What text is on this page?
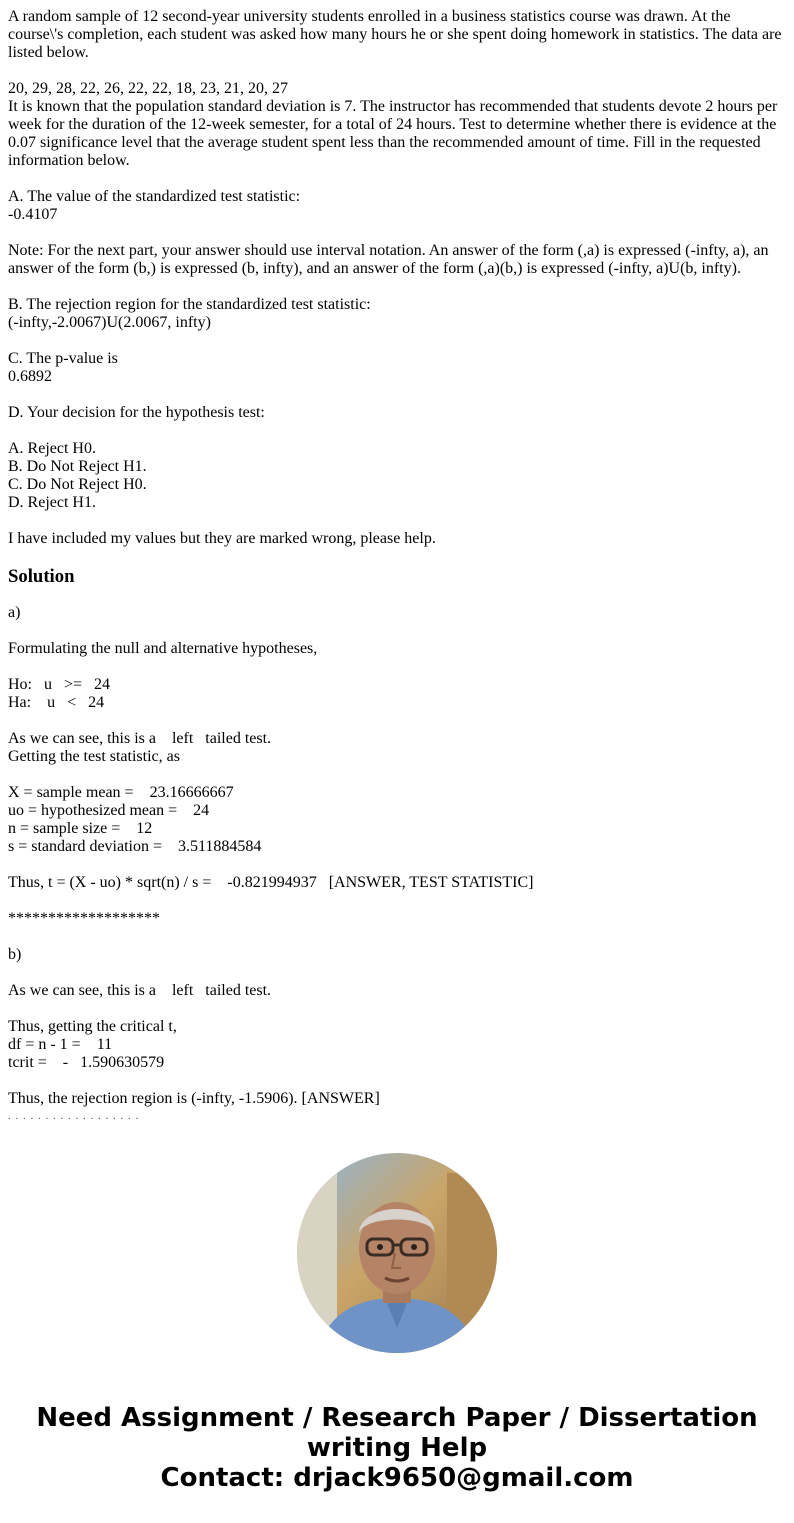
A random sample of 12 second-year university students enrolled in a business statistics course was drawn. At the course\'s completion, each student was asked how many hours he or she spent doing homework in statistics. The data are listed below.
20, 29, 28, 22, 26, 22, 22, 18, 23, 21, 20, 27
It is known that the population standard deviation is 7. The instructor has recommended that students devote 2 hours per week for the duration of the 12-week semester, for a total of 24 hours. Test to determine whether there is evidence at the 0.07 significance level that the average student spent less than the recommended amount of time. Fill in the requested information below.
A. The value of the standardized test statistic:
-0.4107
Note: For the next part, your answer should use interval notation. An answer of the form (,a) is expressed (-infty, a), an answer of the form (b,) is expressed (b, infty), and an answer of the form (,a)(b,) is expressed (-infty, a)U(b, infty).
B. The rejection region for the standardized test statistic:
(-infty,-2.0067)U(2.0067, infty)
C. The p-value is
0.6892
D. Your decision for the hypothesis test:
A. Reject H0.
B. Do Not Reject H1.
C. Do Not Reject H0.
D. Reject H1.
I have included my values but they are marked wrong, please help.
Solution
a)
Formulating the null and alternative hypotheses,
Ho:   u   >=   24
Ha:    u   <   24
As we can see, this is a    left   tailed test.
Getting the test statistic, as
X = sample mean =    23.16666667
uo = hypothesized mean =    24
n = sample size =    12
s = standard deviation =    3.511884584
Thus, t = (X - uo) * sqrt(n) / s =    -0.821994937   [ANSWER, TEST STATISTIC]
*******************
b)
As we can see, this is a    left   tailed test.
Thus, getting the critical t,
df = n - 1 =    11
tcrit =    -   1.590630579
Thus, the rejection region is (-infty, -1.5906). [ANSWER]
. . . . . . . . . . . . . . . . . .
Need Assignment / Research Paper / Dissertation
writing Help
Contact: drjack9650@gmail.com
